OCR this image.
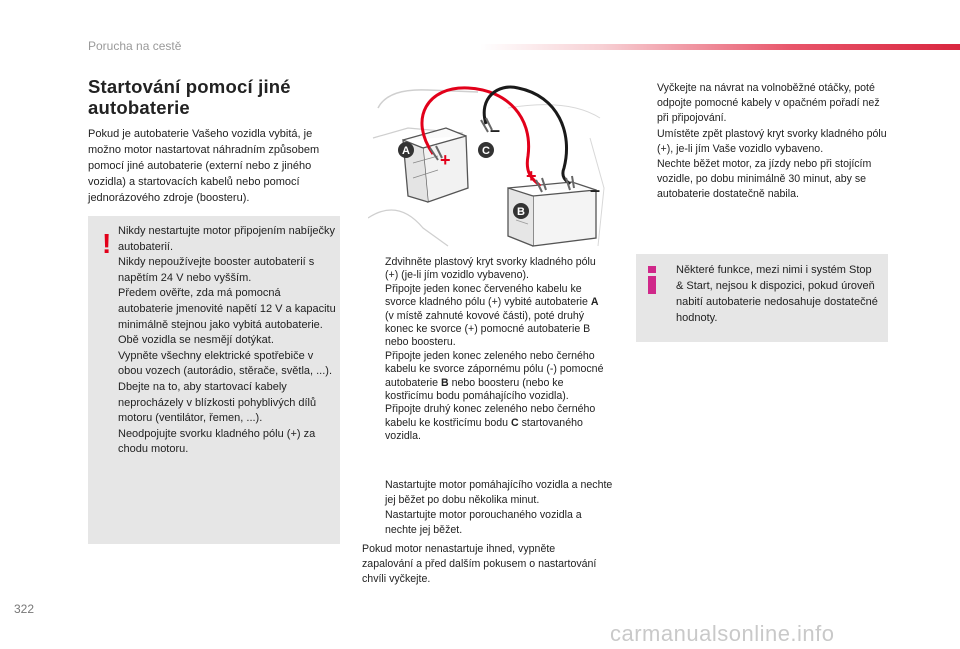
Porucha na cestě
Startování pomocí jiné autobaterie
Pokud je autobaterie Vašeho vozidla vybitá, je možno motor nastartovat náhradním způsobem pomocí jiné autobaterie (externí nebo z jiného vozidla) a startovacích kabelů nebo pomocí jednorázového zdroje (boosteru).
! Nikdy nestartujte motor připojením nabíječky autobaterií.

Nikdy nepoužívejte booster autobaterií s napětím 24 V nebo vyšším.

Předem ověřte, zda má pomocná autobaterie jmenovité napětí 12 V a kapacitu minimálně stejnou jako vybitá autobaterie.

Obě vozidla se nesmějí dotýkat.

Vypněte všechny elektrické spotřebiče v obou vozech (autorádio, stěrače, světla, ...).

Dbejte na to, aby startovací kabely neprocházely v blízkosti pohyblivých dílů motoru (ventilátor, řemen, ...).

Neodpojujte svorku kladného pólu (+) za chodu motoru.

+
–
+
–
A	C
B
Zdvihněte plastový kryt svorky kladného pólu (+) (je-li jím vozidlo vybaveno).
Připojte jeden konec červeného kabelu ke svorce kladného pólu (+) vybité autobaterie A (v místě zahnuté kovové části), poté druhý konec ke svorce (+) pomocné autobaterie B nebo boosteru.
Připojte jeden konec zeleného nebo černého kabelu ke svorce zápornému pólu (-) pomocné autobaterie B nebo boosteru (nebo ke kostřicímu bodu pomáhajícího vozidla).
Připojte druhý konec zeleného nebo černého kabelu ke kostřicímu bodu C startovaného vozidla.
Nastartujte motor pomáhajícího vozidla a nechte jej běžet po dobu několika minut.
Nastartujte motor porouchaného vozidla a nechte jej běžet.
Pokud motor nenastartuje ihned, vypněte zapalování a před dalším pokusem o nastartování chvíli vyčkejte.
Vyčkejte na návrat na volnoběžné otáčky, poté odpojte pomocné kabely v opačném pořadí než při připojování.
Umístěte zpět plastový kryt svorky kladného pólu (+), je-li jím Vaše vozidlo vybaveno.
Nechte běžet motor, za jízdy nebo při stojícím vozidle, po dobu minimálně 30 minut, aby se autobaterie dostatečně nabila.
Některé funkce, mezi nimi i systém Stop & Start, nejsou k dispozici, pokud úroveň nabití autobaterie nedosahuje dostatečné hodnoty.
322
carmanualsonline.info
